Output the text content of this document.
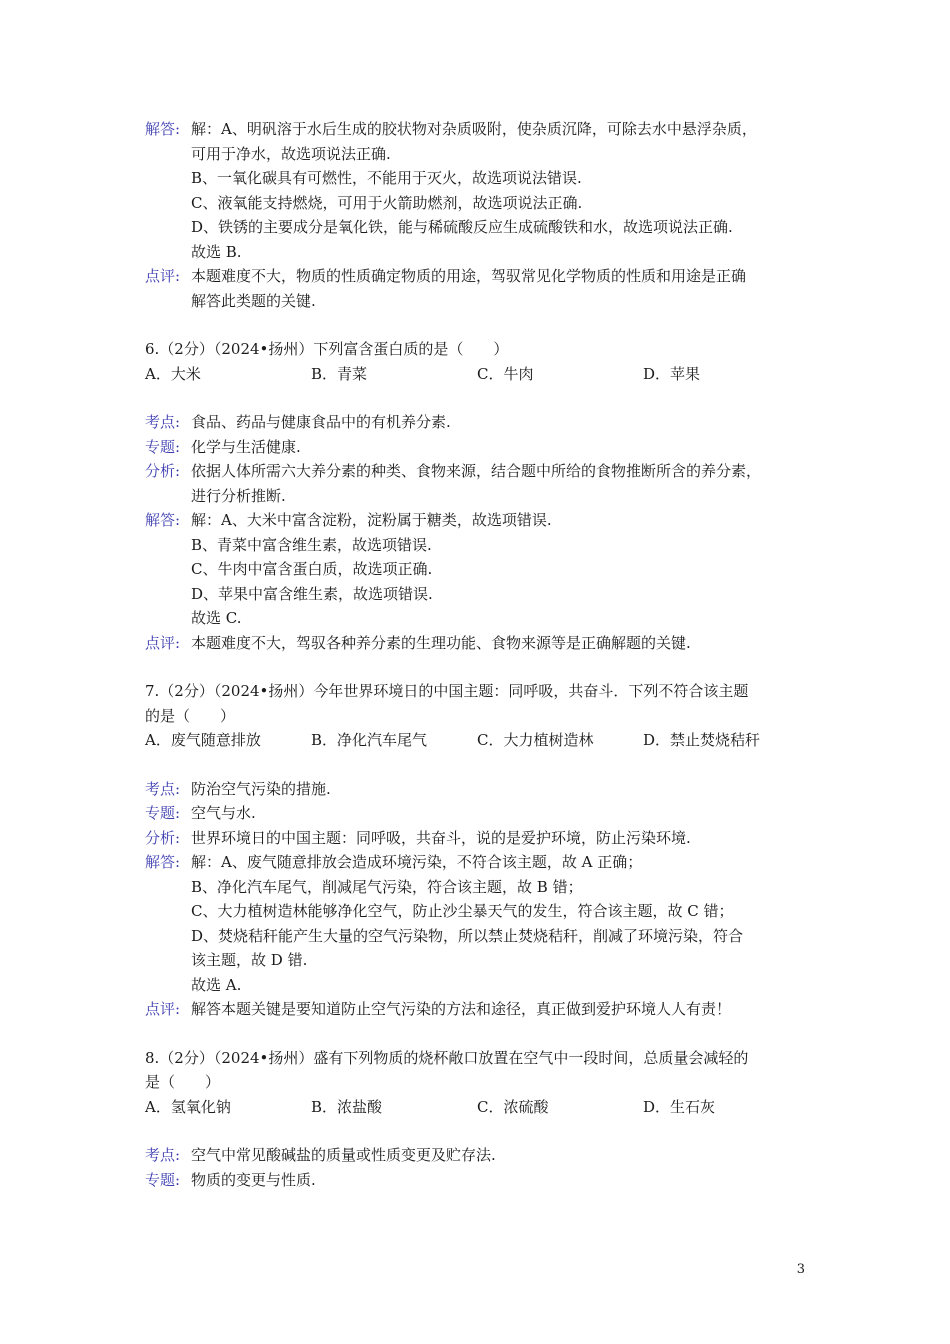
解答: 解：A、明矾溶于水后生成的胶状物对杂质吸附，使杂质沉降，可除去水中悬浮杂质，
可用于净水，故选项说法正确.
B、一氧化碳具有可燃性，不能用于灭火，故选项说法错误.
C、液氧能支持燃烧，可用于火箭助燃剂，故选项说法正确.
D、铁锈的主要成分是氧化铁，能与稀硫酸反应生成硫酸铁和水，故选项说法正确.
故选 B.
点评: 本题难度不大，物质的性质确定物质的用途，驾驭常见化学物质的性质和用途是正确
解答此类题的关键.
6.（2分）（2024•扬州）下列富含蛋白质的是（　　）
A．大米	B．青菜	C．牛肉	D．苹果
考点: 食品、药品与健康食品中的有机养分素.
专题: 化学与生活健康.
分析: 依据人体所需六大养分素的种类、食物来源，结合题中所给的食物推断所含的养分素，
进行分析推断.
解答: 解：A、大米中富含淀粉，淀粉属于糖类，故选项错误.
B、青菜中富含维生素，故选项错误.
C、牛肉中富含蛋白质，故选项正确.
D、苹果中富含维生素，故选项错误.
故选 C.
点评: 本题难度不大，驾驭各种养分素的生理功能、食物来源等是正确解题的关键.
7.（2分）（2024•扬州）今年世界环境日的中国主题：同呼吸，共奋斗．下列不符合该主题
的是（　　）
A．废气随意排放	B．净化汽车尾气	C．大力植树造林	D．禁止焚烧秸秆
考点: 防治空气污染的措施.
专题: 空气与水.
分析: 世界环境日的中国主题：同呼吸，共奋斗，说的是爱护环境，防止污染环境.
解答: 解：A、废气随意排放会造成环境污染，不符合该主题，故 A 正确；
B、净化汽车尾气，削减尾气污染，符合该主题，故 B 错；
C、大力植树造林能够净化空气，防止沙尘暴天气的发生，符合该主题，故 C 错；
D、焚烧秸秆能产生大量的空气污染物，所以禁止焚烧秸秆，削减了环境污染，符合
该主题，故 D 错.
故选 A.
点评: 解答本题关键是要知道防止空气污染的方法和途径，真正做到爱护环境人人有责！
8.（2分）（2024•扬州）盛有下列物质的烧杯敞口放置在空气中一段时间，总质量会减轻的
是（　　）
A．氢氧化钠	B．浓盐酸	C．浓硫酸	D．生石灰
考点: 空气中常见酸碱盐的质量或性质变更及贮存法.
专题: 物质的变更与性质.
3
